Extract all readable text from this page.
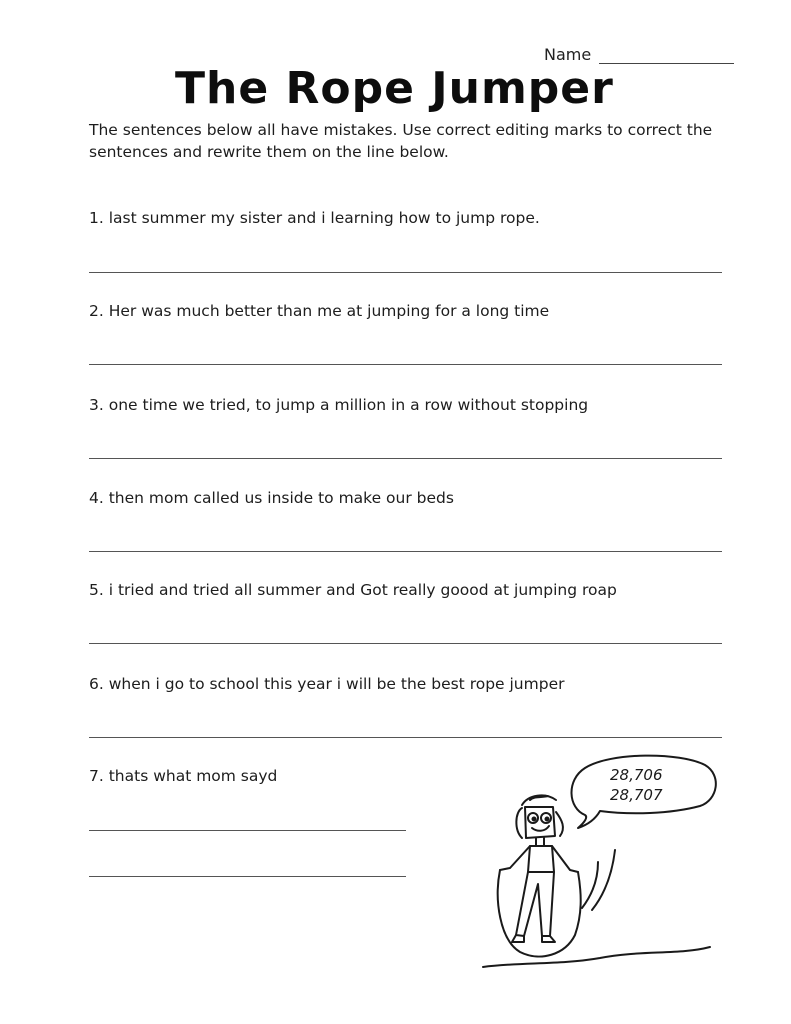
Name
The Rope Jumper
The sentences below all have mistakes. Use correct editing marks to correct the sentences and rewrite them on the line below.
1. last summer my sister and i learning how to jump rope.
2. Her was much better than me at jumping for a long time
3. one time we tried, to jump a million in a row without stopping
4. then mom called us inside to make our beds
5. i tried and tried all summer and Got really goood at jumping roap
6. when i go to school this year i will be the best rope jumper
7. thats what mom sayd	28,706
28,707
